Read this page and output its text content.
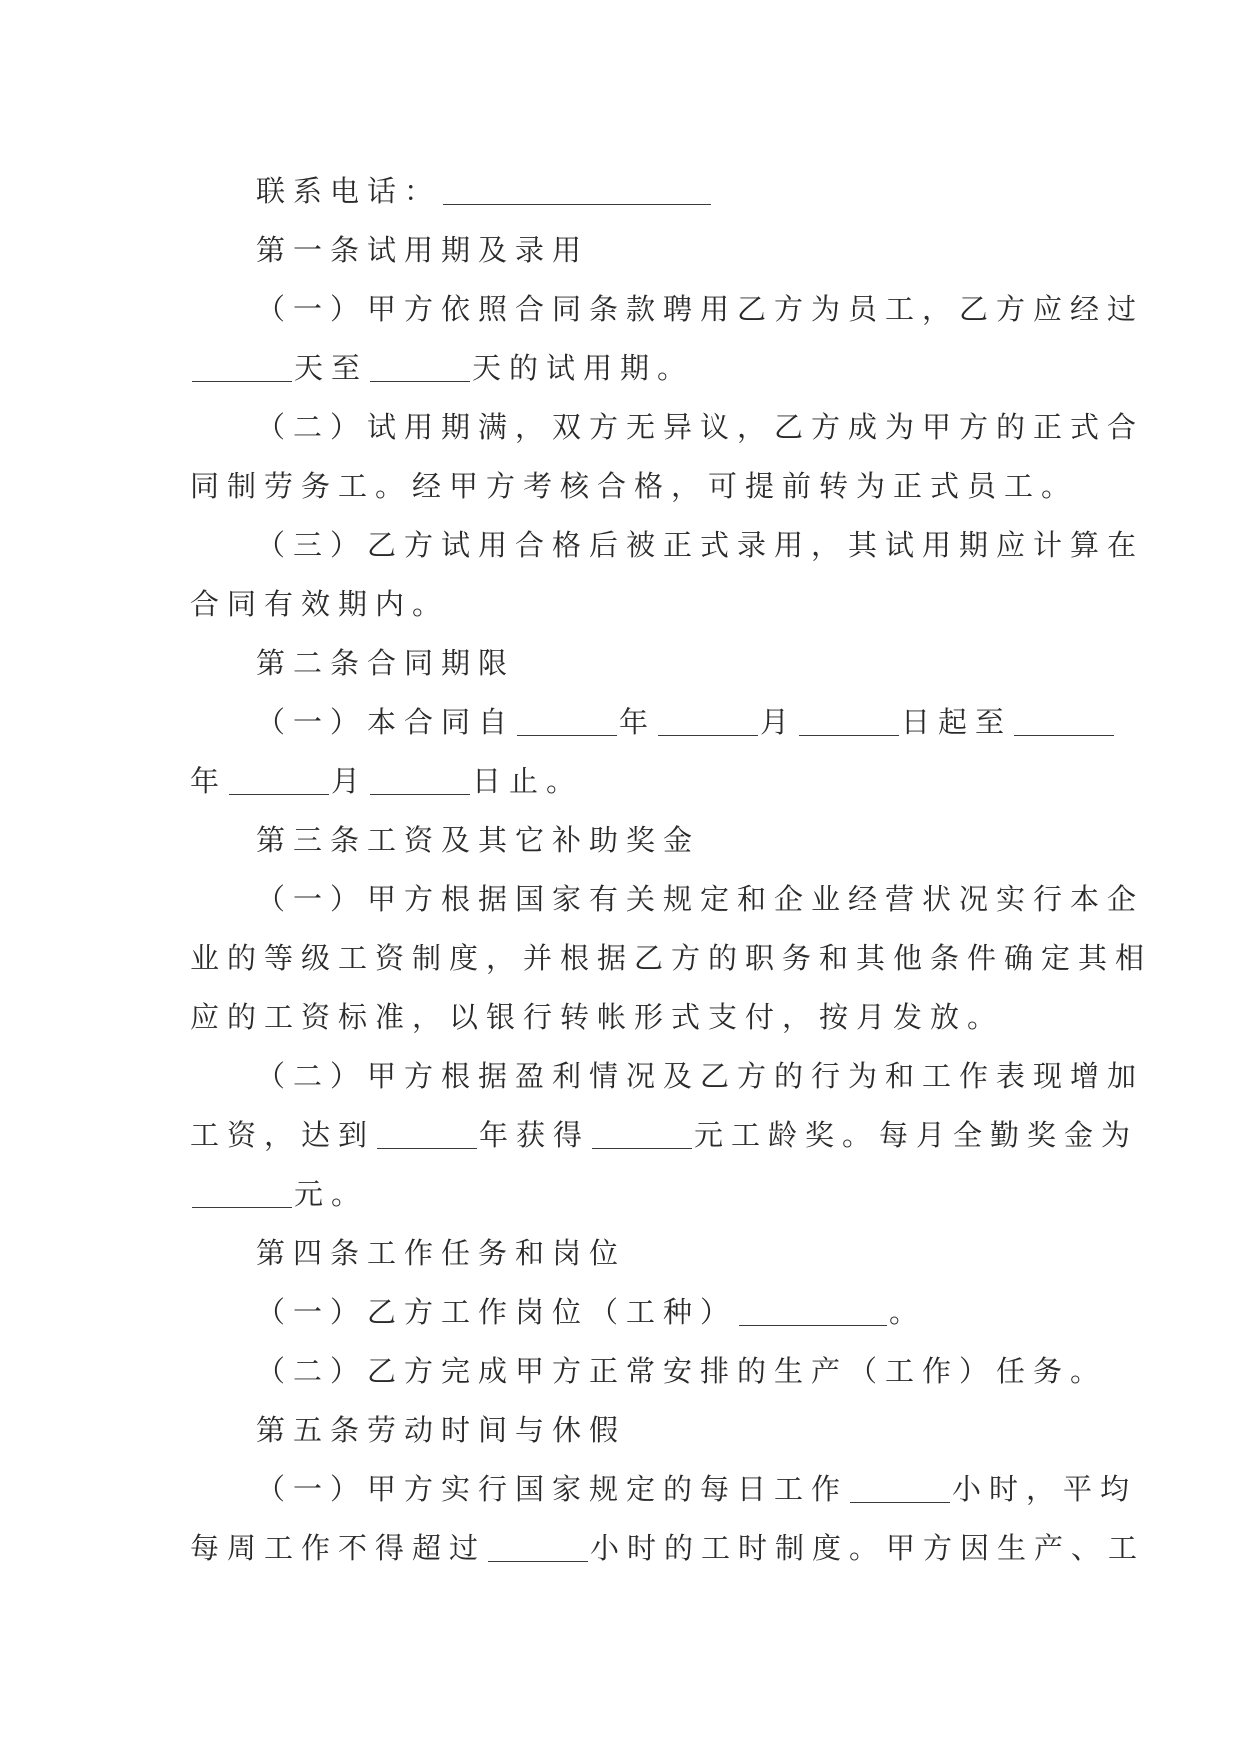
联系电话：
第一条试用期及录用
（一）甲方依照合同条款聘用乙方为员工，乙方应经过
天至	天的试用期。
（二）试用期满，双方无异议，乙方成为甲方的正式合
同制劳务工。经甲方考核合格，可提前转为正式员工。
（三）乙方试用合格后被正式录用，其试用期应计算在
合同有效期内。
第二条合同期限
（一）本合同自	年	月	日起至
年	月	日止。
第三条工资及其它补助奖金
（一）甲方根据国家有关规定和企业经营状况实行本企
业的等级工资制度，并根据乙方的职务和其他条件确定其相
应的工资标准，以银行转帐形式支付，按月发放。
（二）甲方根据盈利情况及乙方的行为和工作表现增加
工资，达到	年获得	元工龄奖。每月全勤奖金为
元。
第四条工作任务和岗位
（一）乙方工作岗位（工种）	。
（二）乙方完成甲方正常安排的生产（工作）任务。
第五条劳动时间与休假
（一）甲方实行国家规定的每日工作	小时，平均
每周工作不得超过	小时的工时制度。甲方因生产、工
